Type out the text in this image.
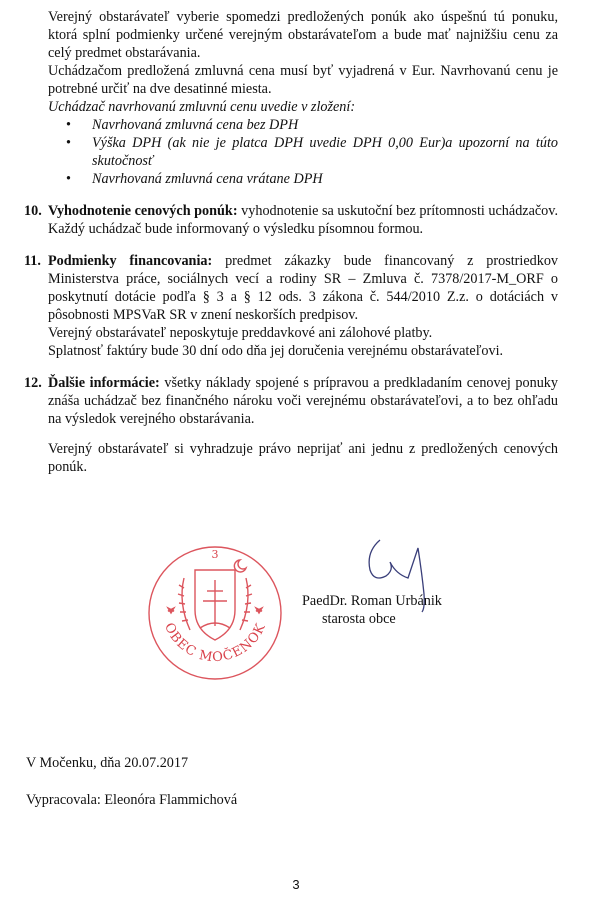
Verejný obstarávateľ vyberie spomedzi predložených ponúk ako úspešnú tú ponuku, ktorá splní podmienky určené verejným obstarávateľom a bude mať najnižšiu cenu za celý predmet obstarávania.

Uchádzačom predložená zmluvná cena musí byť vyjadrená v Eur. Navrhovanú cenu je potrebné určiť na dve desatinné miesta.

Uchádzač navrhovanú zmluvnú cenu uvedie v zložení:

• Navrhovaná zmluvná cena bez DPH
• Výška DPH (ak nie je platca DPH uvedie DPH 0,00 Eur)a upozorní na túto skutočnosť
• Navrhovaná zmluvná cena vrátane DPH
10. Vyhodnotenie cenových ponúk: vyhodnotenie sa uskutoční bez prítomnosti uchádzačov. Každý uchádzač bude informovaný o výsledku písomnou formou.
11. Podmienky financovania: predmet zákazky bude financovaný z prostriedkov Ministerstva práce, sociálnych vecí a rodiny SR – Zmluva č. 7378/2017-M_ORF o poskytnutí dotácie podľa § 3 a § 12 ods. 3 zákona č. 544/2010 Z.z. o dotáciách v pôsobnosti MPSVaR SR v znení neskorších predpisov.

Verejný obstarávateľ neposkytuje preddavkové ani zálohové platby.

Splatnosť faktúry bude 30 dní odo dňa jej doručenia verejnému obstarávateľovi.

12. Ďalšie informácie: všetky náklady spojené s prípravou a predkladaním cenovej ponuky znáša uchádzač bez finančného nároku voči verejnému obstarávateľovi, a to bez ohľadu na výsledok verejného obstarávania.
Verejný obstarávateľ si vyhradzuje právo neprijať ani jednu z predložených cenových ponúk.
3
OBEC MOČENOK
PaedDr. Roman Urbánik
starosta obce
V Močenku, dňa 20.07.2017
Vypracovala: Eleonóra Flammichová
3
